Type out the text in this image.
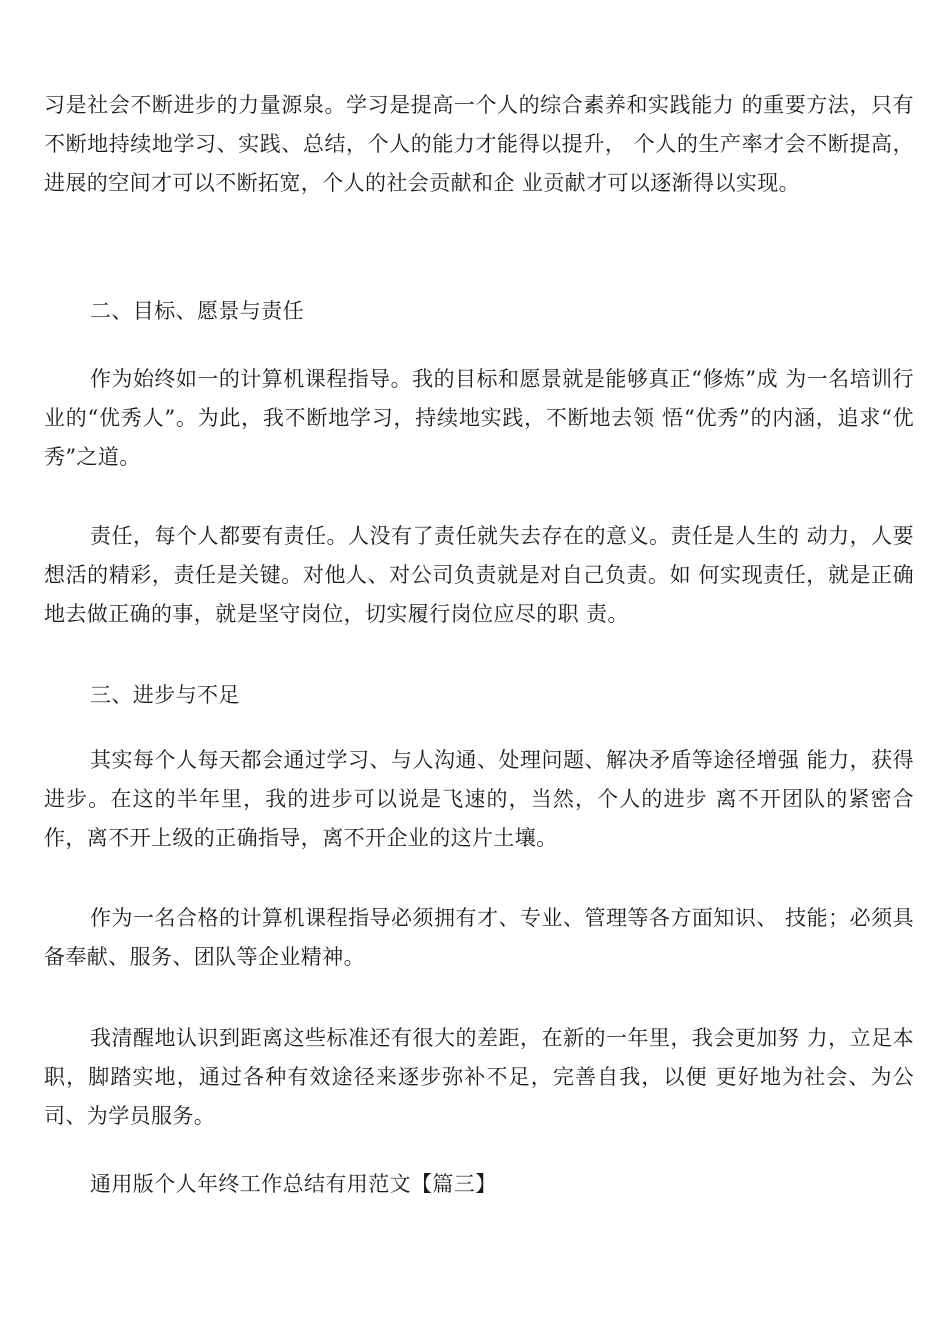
习是社会不断进步的力量源泉。学习是提高一个人的综合素养和实践能力 的重要方法，只有不断地持续地学习、实践、总结，个人的能力才能得以提升， 个人的生产率才会不断提高，进展的空间才可以不断拓宽，个人的社会贡献和企 业贡献才可以逐渐得以实现。

二、目标、愿景与责任

作为始终如一的计算机课程指导。我的目标和愿景就是能够真正“修炼”成 为一名培训行业的“优秀人”。为此，我不断地学习，持续地实践，不断地去领 悟“优秀”的内涵，追求“优秀”之道。

责任，每个人都要有责任。人没有了责任就失去存在的意义。责任是人生的 动力，人要想活的精彩，责任是关键。对他人、对公司负责就是对自己负责。如 何实现责任，就是正确地去做正确的事，就是坚守岗位，切实履行岗位应尽的职 责。

三、进步与不足

其实每个人每天都会通过学习、与人沟通、处理问题、解决矛盾等途径增强 能力，获得进步。在这的半年里，我的进步可以说是飞速的，当然，个人的进步 离不开团队的紧密合作，离不开上级的正确指导，离不开企业的这片土壤。

作为一名合格的计算机课程指导必须拥有才、专业、管理等各方面知识、 技能；必须具备奉献、服务、团队等企业精神。

我清醒地认识到距离这些标准还有很大的差距，在新的一年里，我会更加努 力，立足本职，脚踏实地，通过各种有效途径来逐步弥补不足，完善自我，以便 更好地为社会、为公司、为学员服务。

通用版个人年终工作总结有用范文【篇三】
